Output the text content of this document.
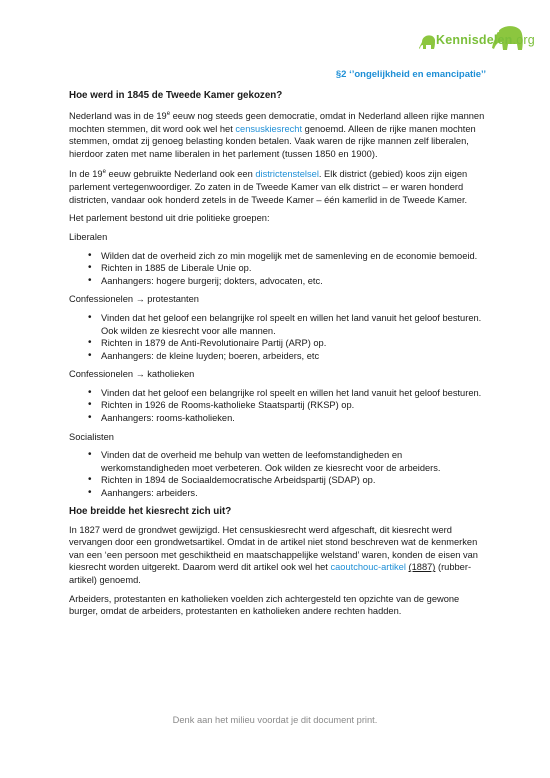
Kennisdelen.org
§2 ‘’ongelijkheid en emancipatie’’
Hoe werd in 1845 de Tweede Kamer gekozen?

Nederland was in de 19e eeuw nog steeds geen democratie, omdat in Nederland alleen rijke mannen mochten stemmen, dit word ook wel het censuskiesrecht genoemd. Alleen de rijke manen mochten stemmen, omdat zij genoeg belasting konden betalen. Vaak waren de rijke mannen zelf liberalen, hierdoor zaten met name liberalen in het parlement (tussen 1850 en 1900).

In de 19e eeuw gebruikte Nederland ook een districtenstelsel. Elk district (gebied) koos zijn eigen parlement vertegenwoordiger. Zo zaten in de Tweede Kamer van elk district – er waren honderd districten, vandaar ook honderd zetels in de Tweede Kamer – één kamerlid in de Tweede Kamer.

Het parlement bestond uit drie politieke groepen:

Liberalen
• Wilden dat de overheid zich zo min mogelijk met de samenleving en de economie bemoeid.
• Richten in 1885 de Liberale Unie op.
• Aanhangers: hogere burgerij; dokters, advocaten, etc.
Confessionelen → protestanten
• Vinden dat het geloof een belangrijke rol speelt en willen het land vanuit het geloof besturen. Ook wilden ze kiesrecht voor alle mannen.
• Richten in 1879 de Anti-Revolutionaire Partij (ARP) op.
• Aanhangers: de kleine luyden; boeren, arbeiders, etc
Confessionelen → katholieken
• Vinden dat het geloof een belangrijke rol speelt en willen het land vanuit het geloof besturen.
• Richten in 1926 de Rooms-katholieke Staatspartij (RKSP) op.
• Aanhangers: rooms-katholieken.
Socialisten
• Vinden dat de overheid me behulp van wetten de leefomstandigheden en werkomstandigheden moet verbeteren. Ook wilden ze kiesrecht voor de arbeiders.
• Richten in 1894 de Sociaaldemocratische Arbeidspartij (SDAP) op.
• Aanhangers: arbeiders.
Hoe breidde het kiesrecht zich uit?

In 1827 werd de grondwet gewijzigd. Het censuskiesrecht werd afgeschaft, dit kiesrecht werd vervangen door een grondwetsartikel. Omdat in de artikel niet stond beschreven wat de kenmerken van een ‘een persoon met geschiktheid en maatschappelijke welstand’ waren, konden de eisen van kiesrecht worden uitgerekt. Daarom werd dit artikel ook wel het caoutchouc-artikel (1887) (rubber-artikel) genoemd.

Arbeiders, protestanten en katholieken voelden zich achtergesteld ten opzichte van de gewone burger, omdat de arbeiders, protestanten en katholieken andere rechten hadden.

Denk aan het milieu voordat je dit document print.
